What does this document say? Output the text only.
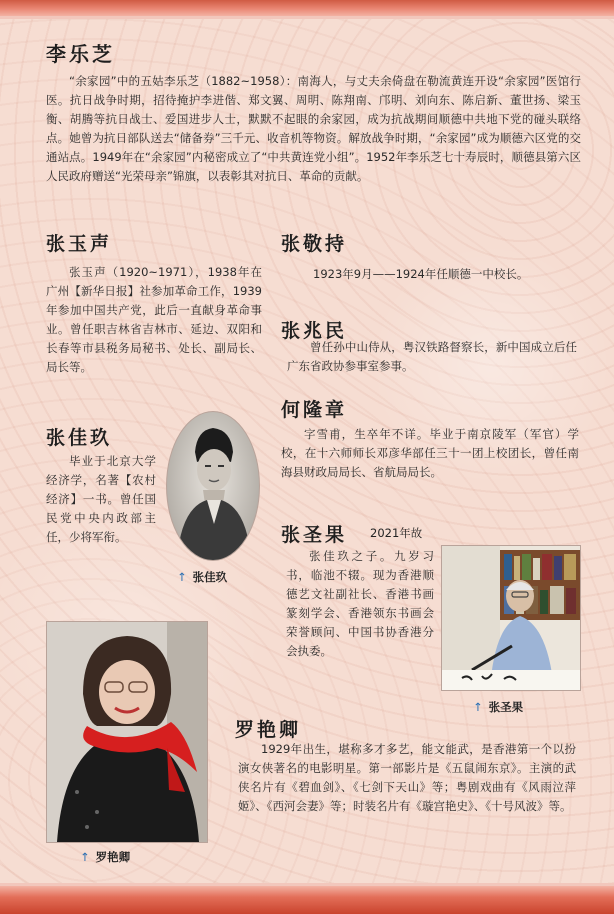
李乐芝

“余家园”中的五姑李乐芝（1882~1958）：南海人，与丈夫余倚盘在勒流黄连开设“余家园”医馆行医。抗日战争时期，招待掩护李进偕、郑文翼、周明、陈翔南、邝明、刘向东、陈启新、董世扬、梁玉衡、胡腾等抗日战士、爱国进步人士，默默不起眼的余家园，成为抗战期间顺德中共地下党的碰头联络点。她曾为抗日部队送去“储备券”三千元、收音机等物资。解放战争时期，“余家园”成为顺德六区党的交通站点。1949年在“余家园”内秘密成立了“中共黄连党小组”。1952年李乐芝七十寿辰时，顺德县第六区人民政府赠送“光荣母亲”锦旗，以表彰其对抗日、革命的贡献。

张玉声

张玉声（1920~1971），1938年在广州【新华日报】社参加革命工作，1939年参加中国共产党，此后一直献身革命事业。曾任职吉林省吉林市、延边、双阳和长春等市县税务局秘书、处长、副局长、局长等。

张敬持

1923年9月——1924年任顺德一中校长。

张兆民

曾任孙中山侍从，粤汉铁路督察长，新中国成立后任广东省政协参事室参事。

何隆章

字雪甫，生卒年不详。毕业于南京陵军（军官）学校，在十六师师长邓彦华部任三十一团上校团长，曾任南海县财政局局长、省航局局长。

张佳玖

毕业于北京大学经济学，名著【农村经济】一书。曾任国民党中央内政部主任，少将军衔。

↑ 张佳玖
张圣果 2021年故

张佳玖之子。九岁习书，临池不辍。现为香港顺德艺文社副社长、香港书画篆刻学会、香港领东书画会荣誉顾问、中国书协香港分会执委。

↑ 张圣果
↑ 罗艳卿
罗艳卿

1929年出生，堪称多才多艺，能文能武，是香港第一个以扮演女侠著名的电影明星。第一部影片是《五鼠闹东京》。主演的武侠名片有《碧血剑》、《七剑下天山》等；粤剧戏曲有《风雨泣萍姬》、《西河会妻》等；时装名片有《璇宫艳史》、《十号风波》等。
